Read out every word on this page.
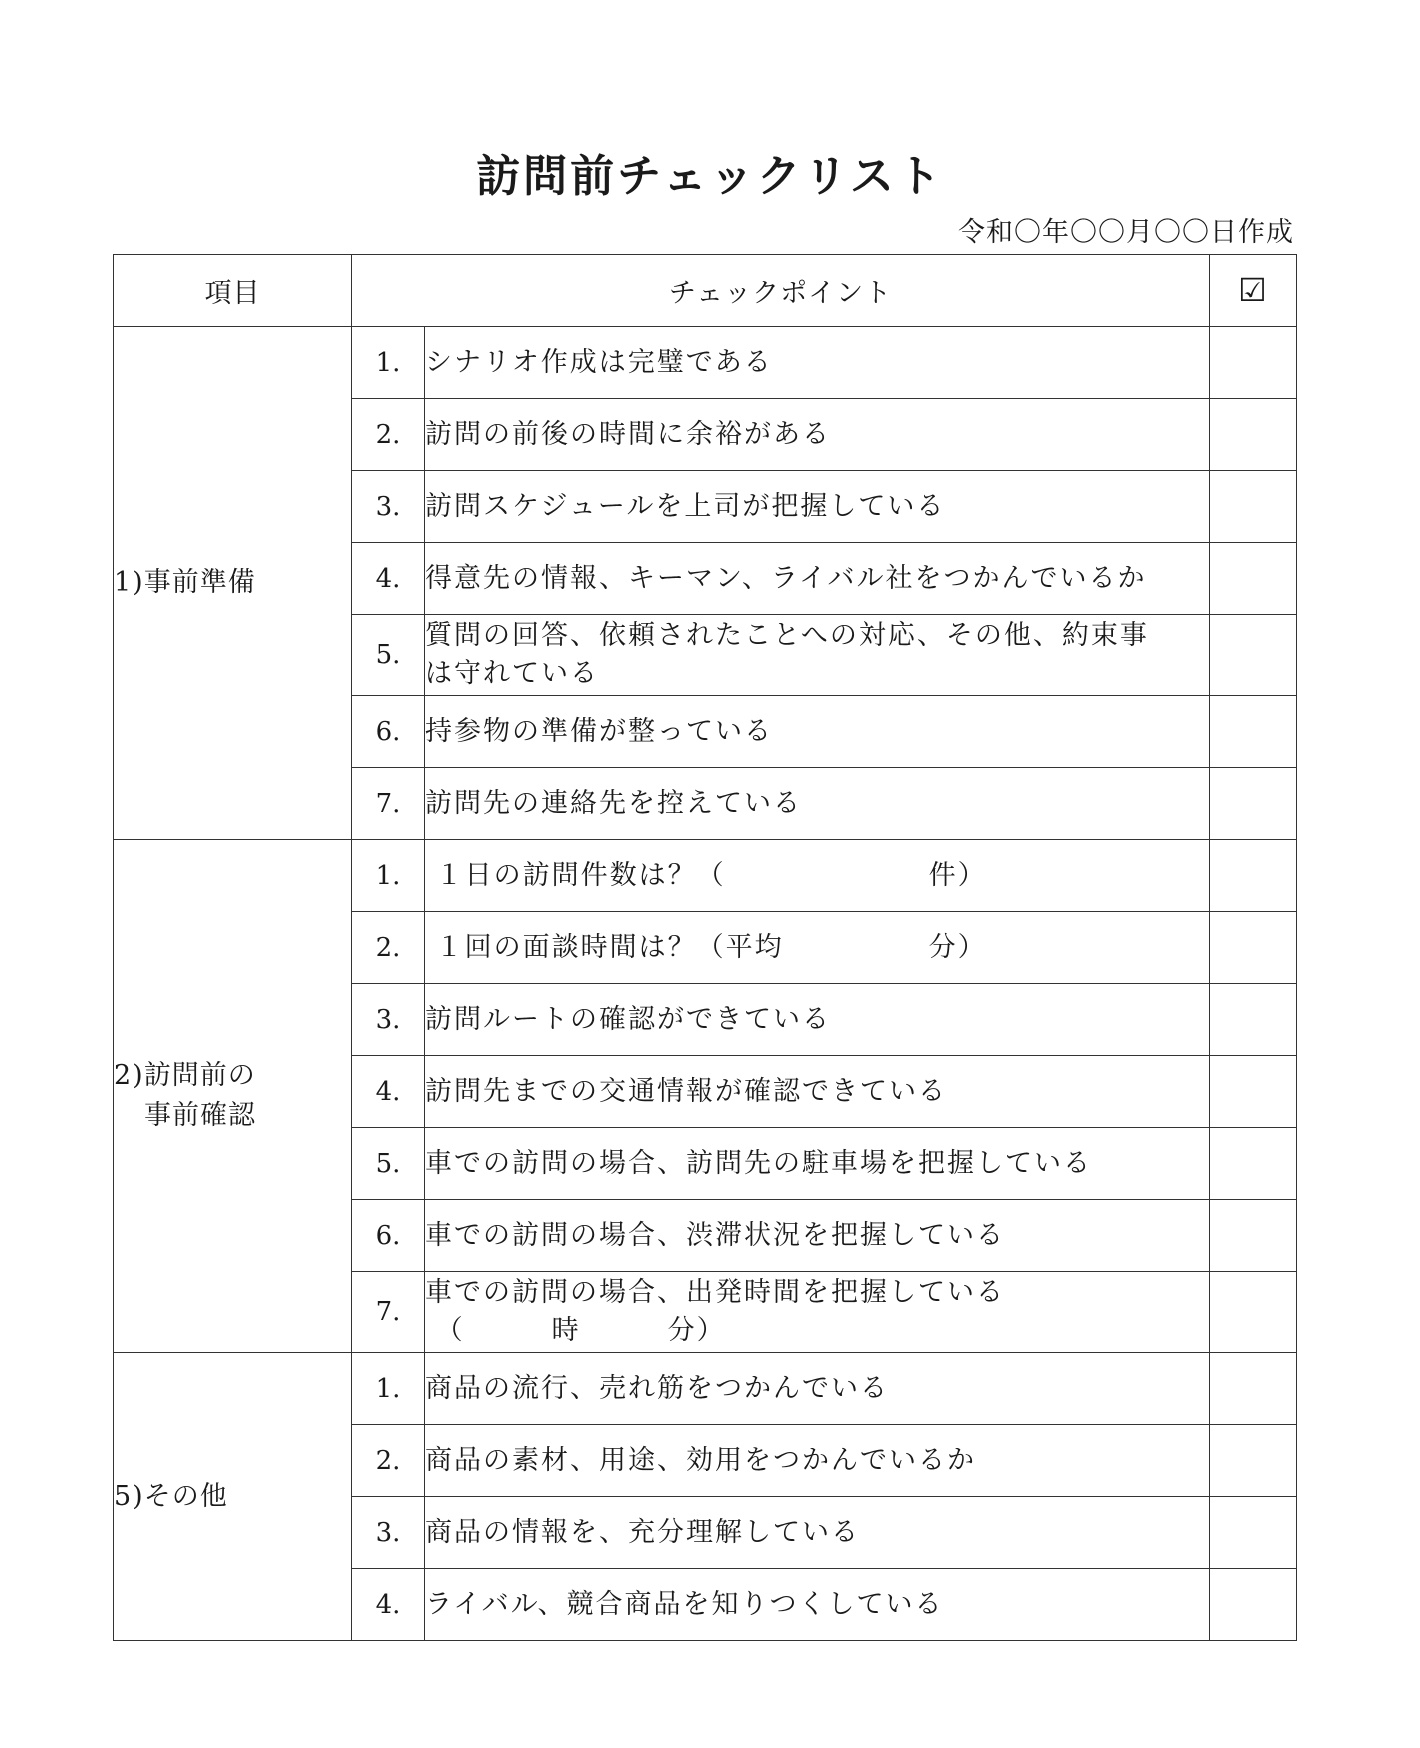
訪問前チェックリスト
令和〇年〇〇月〇〇日作成
項目	チェックポイント		☑

1)事前準備	1.	シナリオ作成は完璧である	

	2.	訪問の前後の時間に余裕がある	

	3.	訪問スケジュールを上司が把握している	

	4.	得意先の情報、キーマン、ライバル社をつかんでいるか	

	5.	質問の回答、依頼されたことへの対応、その他、約束事
は守れている	

	6.	持参物の準備が整っている	

	7.	訪問先の連絡先を控えている	

2)訪問前の
事前確認	1.	１日の訪問件数は？（　　　　　　　件）	

	2.	１回の面談時間は？（平均　　　　　分）	

	3.	訪問ルートの確認ができている	

	4.	訪問先までの交通情報が確認できている	

	5.	車での訪問の場合、訪問先の駐車場を把握している	

	6.	車での訪問の場合、渋滞状況を把握している	

	7.	車での訪問の場合、出発時間を把握している
（　　　時　　　分）	

5)その他	1.	商品の流行、売れ筋をつかんでいる	

	2.	商品の素材、用途、効用をつかんでいるか	

	3.	商品の情報を、充分理解している	

	4.	ライバル、競合商品を知りつくしている	
